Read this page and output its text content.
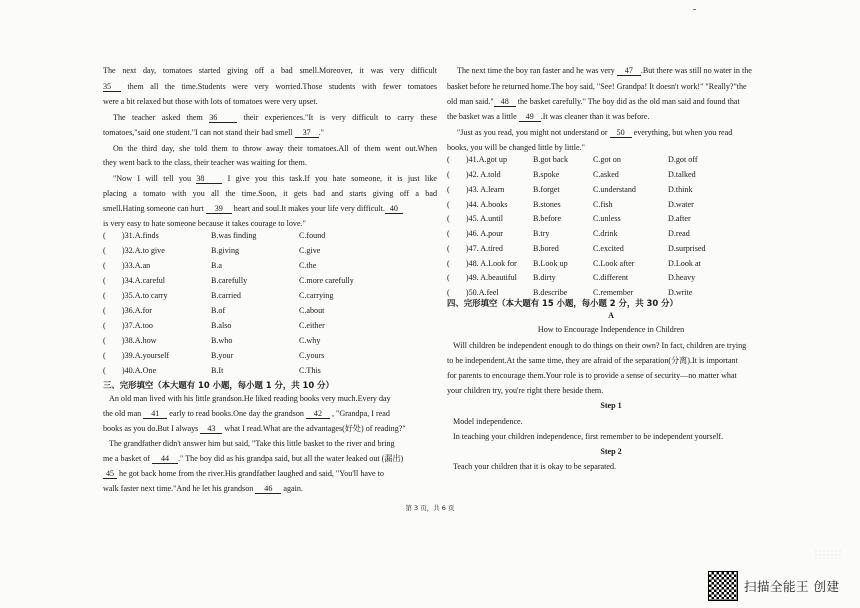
The next day, tomatoes started giving off a bad smell.Moreover, it was very difficult
35 them all the time.Students were very worried.Those students with fewer tomatoes
were a bit relaxed but those with lots of tomatoes were very upset.
The teacher asked them 36	their experiences."It is very difficult to carry these
tomatoes,"said one student."I can not stand their bad smell 37 ."
On the third day, she told them to throw away their tomatoes.All of them went out.When
they went back to the class, their teacher was waiting for them.
"Now I will tell you 38	I give you this task.If you hate someone, it is just like
placing a tomato with you all the time.Soon, it gets bad and starts giving off a bad
smell.Hating someone can hurt 39 heart and soul.It makes your life very difficult. 40
is very easy to hate someone because it takes courage to love."
(　　)31.A.finds	B.was finding	C.found
(　　)32.A.to give	B.giving	C.give
(　　)33.A.an	B.a	C.the
(　　)34.A.careful	B.carefully	C.more carefully
(　　)35.A.to carry	B.carried	C.carrying
(　　)36.A.for	B.of	C.about
(　　)37.A.too	B.also	C.either
(　　)38.A.how	B.who	C.why
(　　)39.A.yourself	B.your	C.yours
(　　)40.A.One	B.It	C.This
三、完形填空（本大题有 10 小题，每小题 1 分，共 10 分）
An old man lived with his little grandson.He liked reading books very much.Every day
the old man 41 early to read books.One day the grandson 42 , "Grandpa, I read
books as you do.But I always 43 what I read.What are the advantages(好处) of reading?"
The grandfather didn't answer him but said, "Take this little basket to the river and bring
me a basket of 44 ." The boy did as his grandpa said, but all the water leaked out (漏出)
45 he got back home from the river.His grandfather laughed and said, "You'll have to
walk faster next time."And he let his grandson 46 again.
The next time the boy ran faster and he was very 47 .But there was still no water in the
basket before he returned home.The boy said, "See! Grandpa! It doesn't work!" "Really?"the
old man said." 48 the basket carefully." The boy did as the old man said and found that
the basket was a little 49 .It was cleaner than it was before.
"Just as you read, you might not understand or 50 everything, but when you read
books, you will be changed little by little."
(　　)41.A.got up	B.got back	C.got on	D.got off
(　　)42. A.told	B.spoke	C.asked	D.talked
(　　)43. A.learn	B.forget	C.understand	D.think
(　　)44. A.books	B.stones	C.fish	D.water
(　　)45. A.until	B.before	C.unless	D.after
(　　)46. A.pour	B.try	C.drink	D.read
(　　)47. A.tired	B.bored	C.excited	D.surprised
(　　)48. A.Look for B.Look up	C.Look after	D.Look at
(　　)49. A.beautiful B.dirty	C.different	D.heavy
(　　)50.A.feel	B.describe	C.remember	D.write
四、完形填空（本大题有 15 小题，每小题 2 分，共 30 分）
A
How to Encourage Independence in Children
Will children be independent enough to do things on their own? In fact, children are trying
to be independent.At the same time, they are afraid of the separation(分离).It is important
for parents to encourage them.Your role is to provide a sense of security—no matter what
your children try, you're right there beside them.
Step 1
Model independence.
In teaching your children independence, first remember to be independent yourself.
Step 2
Teach your children that it is okay to be separated.
第 3 页，共 6 页
扫描全能王 创建
